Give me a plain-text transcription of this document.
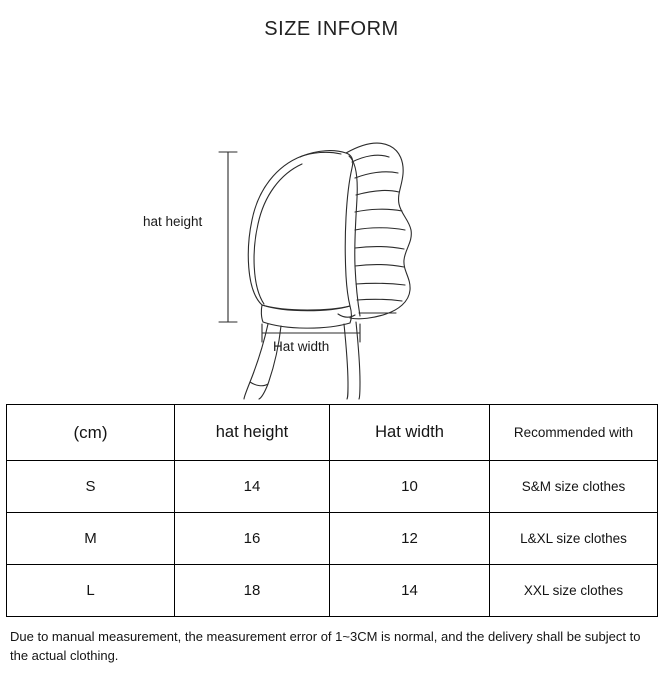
SIZE INFORM
hat height
Hat width
(cm)	hat height	Hat width	Recommended with
S	14	10	S&M size clothes
M	16	12	L&XL size clothes
L	18	14	XXL size clothes
Due to manual measurement, the measurement error of 1~3CM is normal, and the delivery shall be subject to the actual clothing.
